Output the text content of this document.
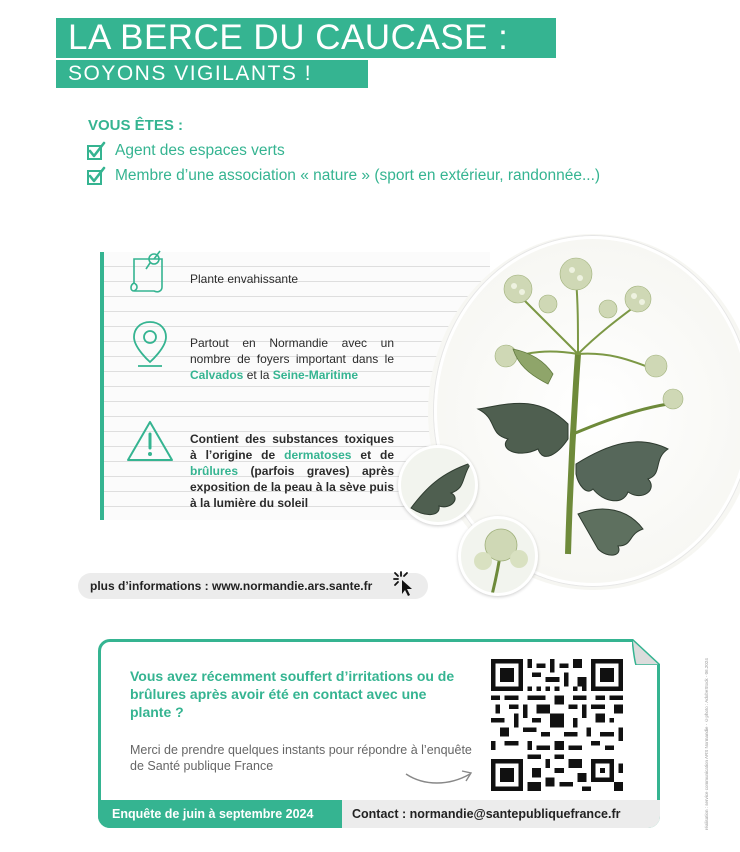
LA BERCE DU CAUCASE :
SOYONS VIGILANTS !
VOUS ÊTES :
Agent des espaces verts
Membre d’une association « nature » (sport en extérieur, randonnée...)
Plante envahissante
Partout en Normandie avec un nombre de foyers important dans le Calvados et la Seine-Maritime
Contient des substances toxiques à l’origine de dermatoses et de brûlures (parfois graves) après exposition de la peau à la sève puis à la lumière du soleil
plus d’informations : www.normandie.ars.sante.fr
Vous avez récemment souffert d’irritations ou de brûlures après avoir été en contact avec une plante ?
Merci de prendre quelques instants pour répondre à l’enquête de Santé publique France
Enquête de juin à septembre 2024	Contact : normandie@santepubliquefrance.fr	réalisation : service communication ARS Normandie - ©photo : AdobeStock - 06.2024
